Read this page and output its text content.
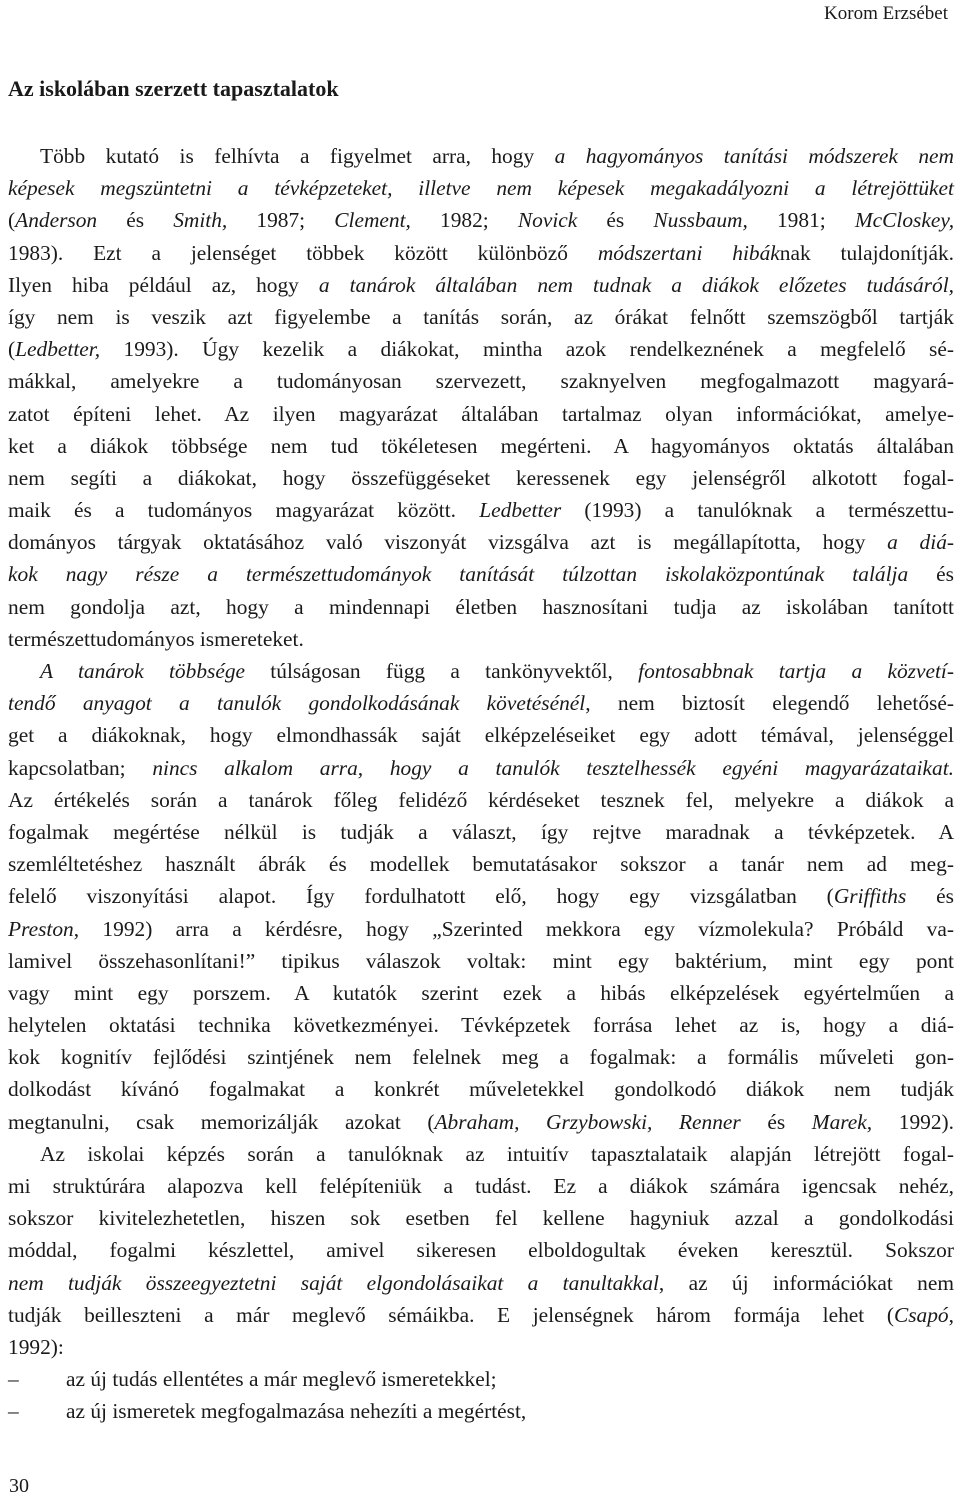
Korom Erzsébet
Az iskolában szerzett tapasztalatok
Több kutató is felhívta a figyelmet arra, hogy a hagyományos tanítási módszerek nem
képesek megszüntetni a tévképzeteket, illetve nem képesek megakadályozni a létrejöttüket
(Anderson és Smith, 1987; Clement, 1982; Novick és Nussbaum, 1981; McCloskey,
1983). Ezt a jelenséget többek között különböző módszertani hibáknak tulajdonítják.
Ilyen hiba például az, hogy a tanárok általában nem tudnak a diákok előzetes tudásáról,
így nem is veszik azt figyelembe a tanítás során, az órákat felnőtt szemszögből tartják
(Ledbetter, 1993). Úgy kezelik a diákokat, mintha azok rendelkeznének a megfelelő sé-
mákkal, amelyekre a tudományosan szervezett, szaknyelven megfogalmazott magyará-
zatot építeni lehet. Az ilyen magyarázat általában tartalmaz olyan információkat, amelye-
ket a diákok többsége nem tud tökéletesen megérteni. A hagyományos oktatás általában
nem segíti a diákokat, hogy összefüggéseket keressenek egy jelenségről alkotott fogal-
maik és a tudományos magyarázat között. Ledbetter (1993) a tanulóknak a természettu-
dományos tárgyak oktatásához való viszonyát vizsgálva azt is megállapította, hogy a diá-
kok nagy része a természettudományok tanítását túlzottan iskolaközpontúnak találja és
nem gondolja azt, hogy a mindennapi életben hasznosítani tudja az iskolában tanított
természettudományos ismereteket.
A tanárok többsége túlságosan függ a tankönyvektől, fontosabbnak tartja a közvetí-
tendő anyagot a tanulók gondolkodásának követésénél, nem biztosít elegendő lehetősé-
get a diákoknak, hogy elmondhassák saját elképzeléseiket egy adott témával, jelenséggel
kapcsolatban; nincs alkalom arra, hogy a tanulók tesztelhessék egyéni magyarázataikat.
Az értékelés során a tanárok főleg felidéző kérdéseket tesznek fel, melyekre a diákok a
fogalmak megértése nélkül is tudják a választ, így rejtve maradnak a tévképzetek. A
szemléltetéshez használt ábrák és modellek bemutatásakor sokszor a tanár nem ad meg-
felelő viszonyítási alapot. Így fordulhatott elő, hogy egy vizsgálatban (Griffiths és
Preston, 1992) arra a kérdésre, hogy „Szerinted mekkora egy vízmolekula? Próbáld va-
lamivel összehasonlítani!” tipikus válaszok voltak: mint egy baktérium, mint egy pont
vagy mint egy porszem. A kutatók szerint ezek a hibás elképzelések egyértelműen a
helytelen oktatási technika következményei. Tévképzetek forrása lehet az is, hogy a diá-
kok kognitív fejlődési szintjének nem felelnek meg a fogalmak: a formális műveleti gon-
dolkodást kívánó fogalmakat a konkrét műveletekkel gondolkodó diákok nem tudják
megtanulni, csak memorizálják azokat (Abraham, Grzybowski, Renner és Marek, 1992).
Az iskolai képzés során a tanulóknak az intuitív tapasztalataik alapján létrejött fogal-
mi struktúrára alapozva kell felépíteniük a tudást. Ez a diákok számára igencsak nehéz,
sokszor kivitelezhetetlen, hiszen sok esetben fel kellene hagyniuk azzal a gondolkodási
móddal, fogalmi készlettel, amivel sikeresen elboldogultak éveken keresztül. Sokszor
nem tudják összeegyeztetni saját elgondolásaikat a tanultakkal, az új információkat nem
tudják beilleszteni a már meglevő sémáikba. E jelenségnek három formája lehet (Csapó,
1992):
– az új tudás ellentétes a már meglevő ismeretekkel;
– az új ismeretek megfogalmazása nehezíti a megértést,
30
